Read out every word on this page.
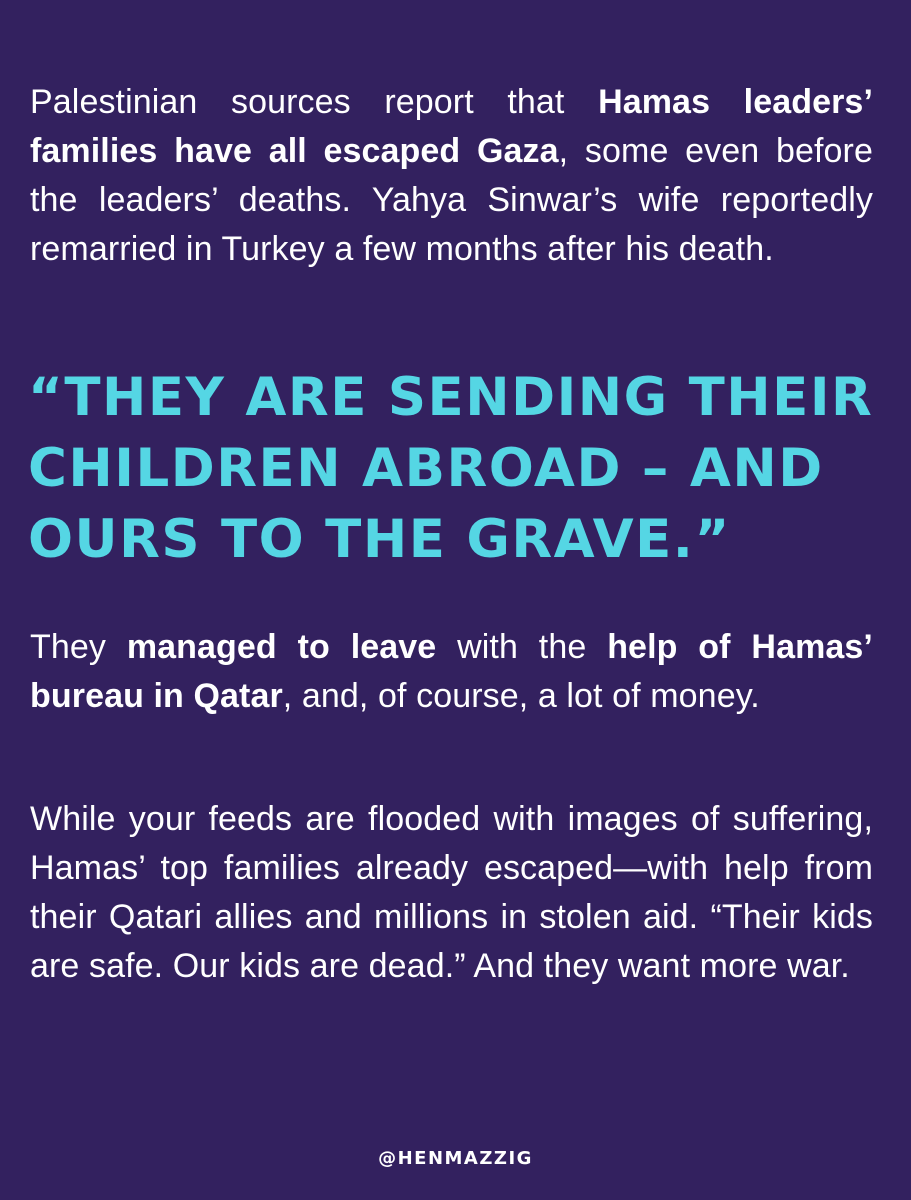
Palestinian sources report that Hamas leaders’ families have all escaped Gaza, some even before the leaders’ deaths. Yahya Sinwar’s wife reportedly remarried in Turkey a few months after his death.

“THEY ARE SENDING THEIR CHILDREN ABROAD – AND OURS TO THE GRAVE.”

They managed to leave with the help of Hamas’ bureau in Qatar, and, of course, a lot of money.

While your feeds are flooded with images of suffering, Hamas’ top families already escaped—with help from their Qatari allies and millions in stolen aid. “Their kids are safe. Our kids are dead.” And they want more war.

@HENMAZZIG
